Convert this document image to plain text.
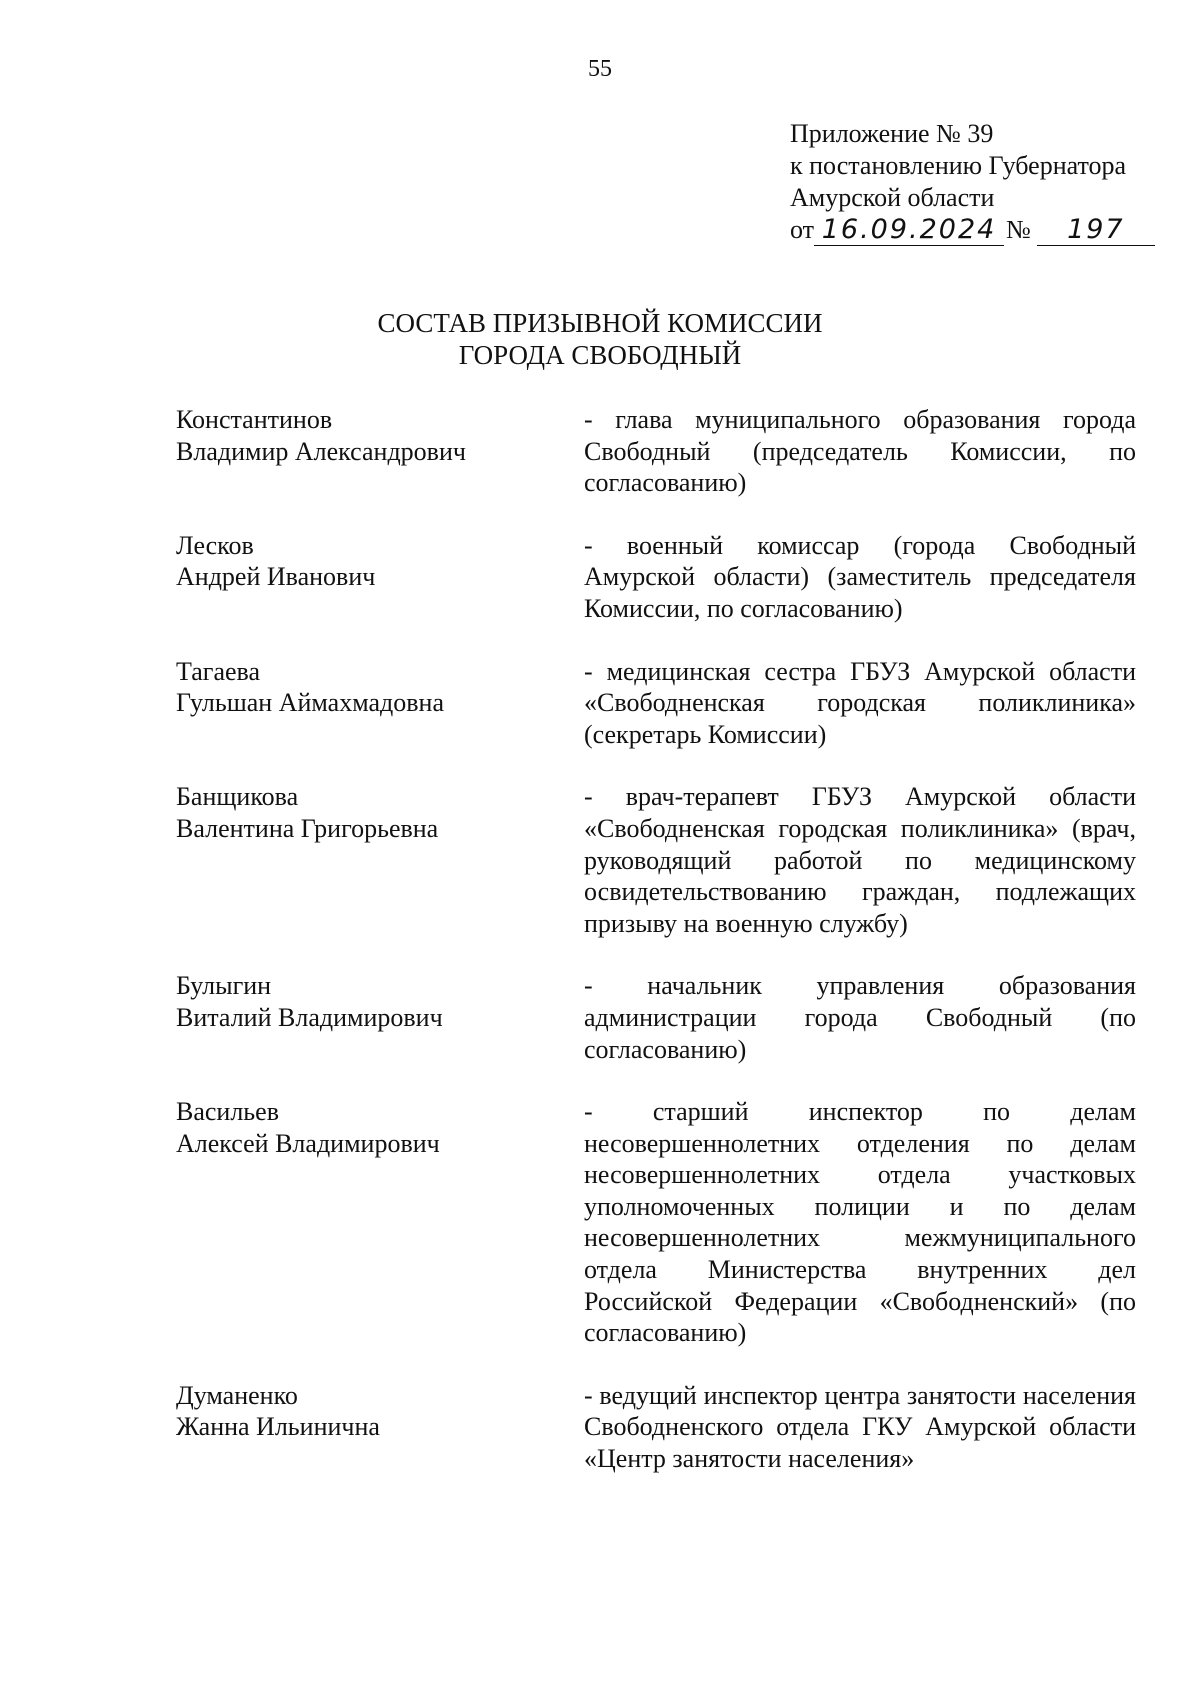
55
Приложение № 39
к постановлению Губернатора
Амурской области
от 16.09.2024 №	197
СОСТАВ ПРИЗЫВНОЙ КОМИССИИ
ГОРОДА СВОБОДНЫЙ
Константинов
Владимир Александрович
- глава муниципального образования города Свободный (председатель Комиссии, по согласованию)
Лесков
Андрей Иванович
- военный комиссар (города Свободный Амурской области) (заместитель председателя Комиссии, по согласованию)
Тагаева
Гульшан Аймахмадовна
- медицинская сестра ГБУЗ Амурской области «Свободненская городская поликлиника» (секретарь Комиссии)
Банщикова
Валентина Григорьевна
- врач-терапевт ГБУЗ Амурской области «Свободненская городская поликлиника» (врач, руководящий работой по медицинскому освидетельствованию граждан, подлежащих призыву на военную службу)
Булыгин
Виталий Владимирович
- начальник управления образования администрации города Свободный (по согласованию)
Васильев
Алексей Владимирович
- старший инспектор по делам несовершеннолетних отделения по делам несовершеннолетних отдела участковых уполномоченных полиции и по делам несовершеннолетних межмуниципального отдела Министерства внутренних дел Российской Федерации «Свободненский» (по согласованию)
Думаненко
Жанна Ильинична
- ведущий инспектор центра занятости населения Свободненского отдела ГКУ Амурской области «Центр занятости населения»
